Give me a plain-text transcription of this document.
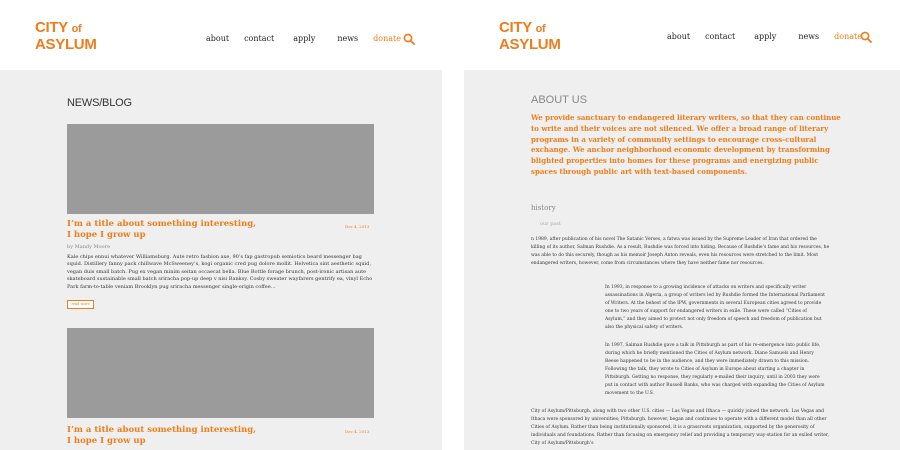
CITY of
ASYLUM	about contact apply	news donate
NEWS/BLOG
I’m a title about something interesting,
I hope I grow up
Dec 4, 2013
by Mandy Moore
Kale chips ennui whatever Williamsburg. Aute retro fashion axe, 90’s fap gastropub semiotics beard messenger bag squid. Distillery fanny pack chillwave McSweeney’s, kogi organic cred pug dolore mollit. Helvetica sint aesthetic squid, vegan duis small batch. Pug ex vegan minim seitan occaecat bella. Blue Bottle forage brunch, post-ironic artisan aute skateboard sustainable small batch sriracha pop-up deep v nisi Banksy. Cosby sweater wayfarers gentrify ea, vinyl Echo Park farm-to-table veniam Brooklyn pug sriracha messenger single-origin coffee…
read more
I’m a title about something interesting,
I hope I grow up
Dec 4, 2013
CITY of
ASYLUM	about contact apply	news donate
ABOUT US
We provide sanctuary to endangered literary writers, so that they can continue to write and their voices are not silenced. We offer a broad range of literary programs in a variety of community settings to encourage cross-cultural exchange. We anchor neighborhood economic development by transforming blighted properties into homes for these programs and energizing public spaces through public art with text-based components.
history
our past
n 1989, after publication of his novel The Satanic Verses, a fatwa was issued by the Supreme Leader of Iran that ordered the killing of its author, Salman Rushdie. As a result, Rushdie was forced into hiding. Because of Rushdie’s fame and his resources, he was able to do this securely, though as his memoir Joseph Anton reveals, even his resources were stretched to the limit. Most endangered writers, however, come from circumstances where they have neither fame nor resources.
In 1993, in response to a growing incidence of attacks on writers and specifically writer assassinations in Algeria, a group of writers led by Rushdie formed the International Parliament of Writers. At the behest of the IPW, governments in several European cities agreed to provide one to two years of support for endangered writers in exile. These were called “Cities of Asylum,” and they aimed to protect not only freedom of speech and freedom of publication but also the physical safety of writers.
In 1997, Salman Rushdie gave a talk in Pittsburgh as part of his re-emergence into public life, during which he briefly mentioned the Cities of Asylum network. Diane Samuels and Henry Reese happened to be in the audience, and they were immediately drawn to this mission. Following the talk, they wrote to Cities of Asylum in Europe about starting a chapter in Pittsburgh. Getting no response, they regularly e-mailed their inquiry, until in 2003 they were put in contact with author Russell Banks, who was charged with expanding the Cities of Asylum movement to the U.S.
City of Asylum/Pittsburgh, along with two other U.S. cities — Las Vegas and Ithaca — quickly joined the network. Las Vegas and Ithaca were sponsored by universities; Pittsburgh, however, began and continues to operate with a different model than all other Cities of Asylum. Rather than being institutionally sponsored, it is a grassroots organization, supported by the generosity of individuals and foundations. Rather than focusing on emergency relief and providing a temporary way-station for an exiled writer, City of Asylum/Pittsburgh’s
